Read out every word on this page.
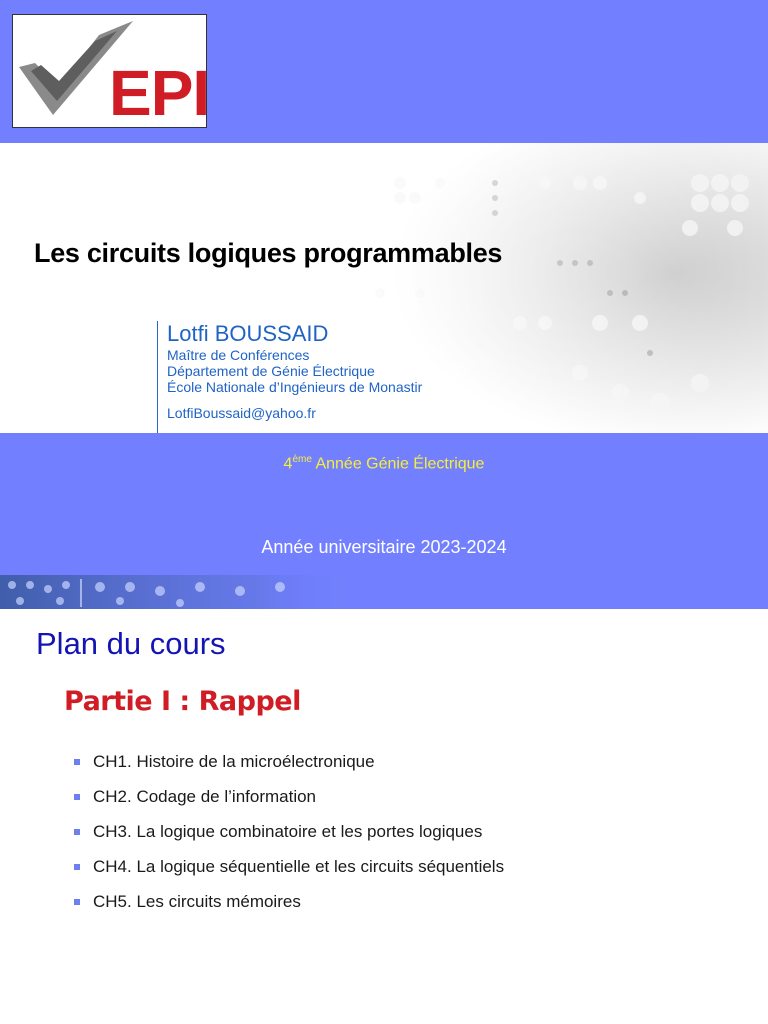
EPI
Les circuits logiques programmables
Lotfi BOUSSAID
Maître de Conférences
Département de Génie Électrique
École Nationale d’Ingénieurs de Monastir
LotfiBoussaid@yahoo.fr
4ème Année Génie Électrique
Année universitaire 2023-2024
Plan du cours
Partie I : Rappel
CH1. Histoire de la microélectronique
CH2. Codage de l’information
CH3. La logique combinatoire et les portes logiques
CH4. La logique séquentielle et les circuits séquentiels
CH5. Les circuits mémoires
